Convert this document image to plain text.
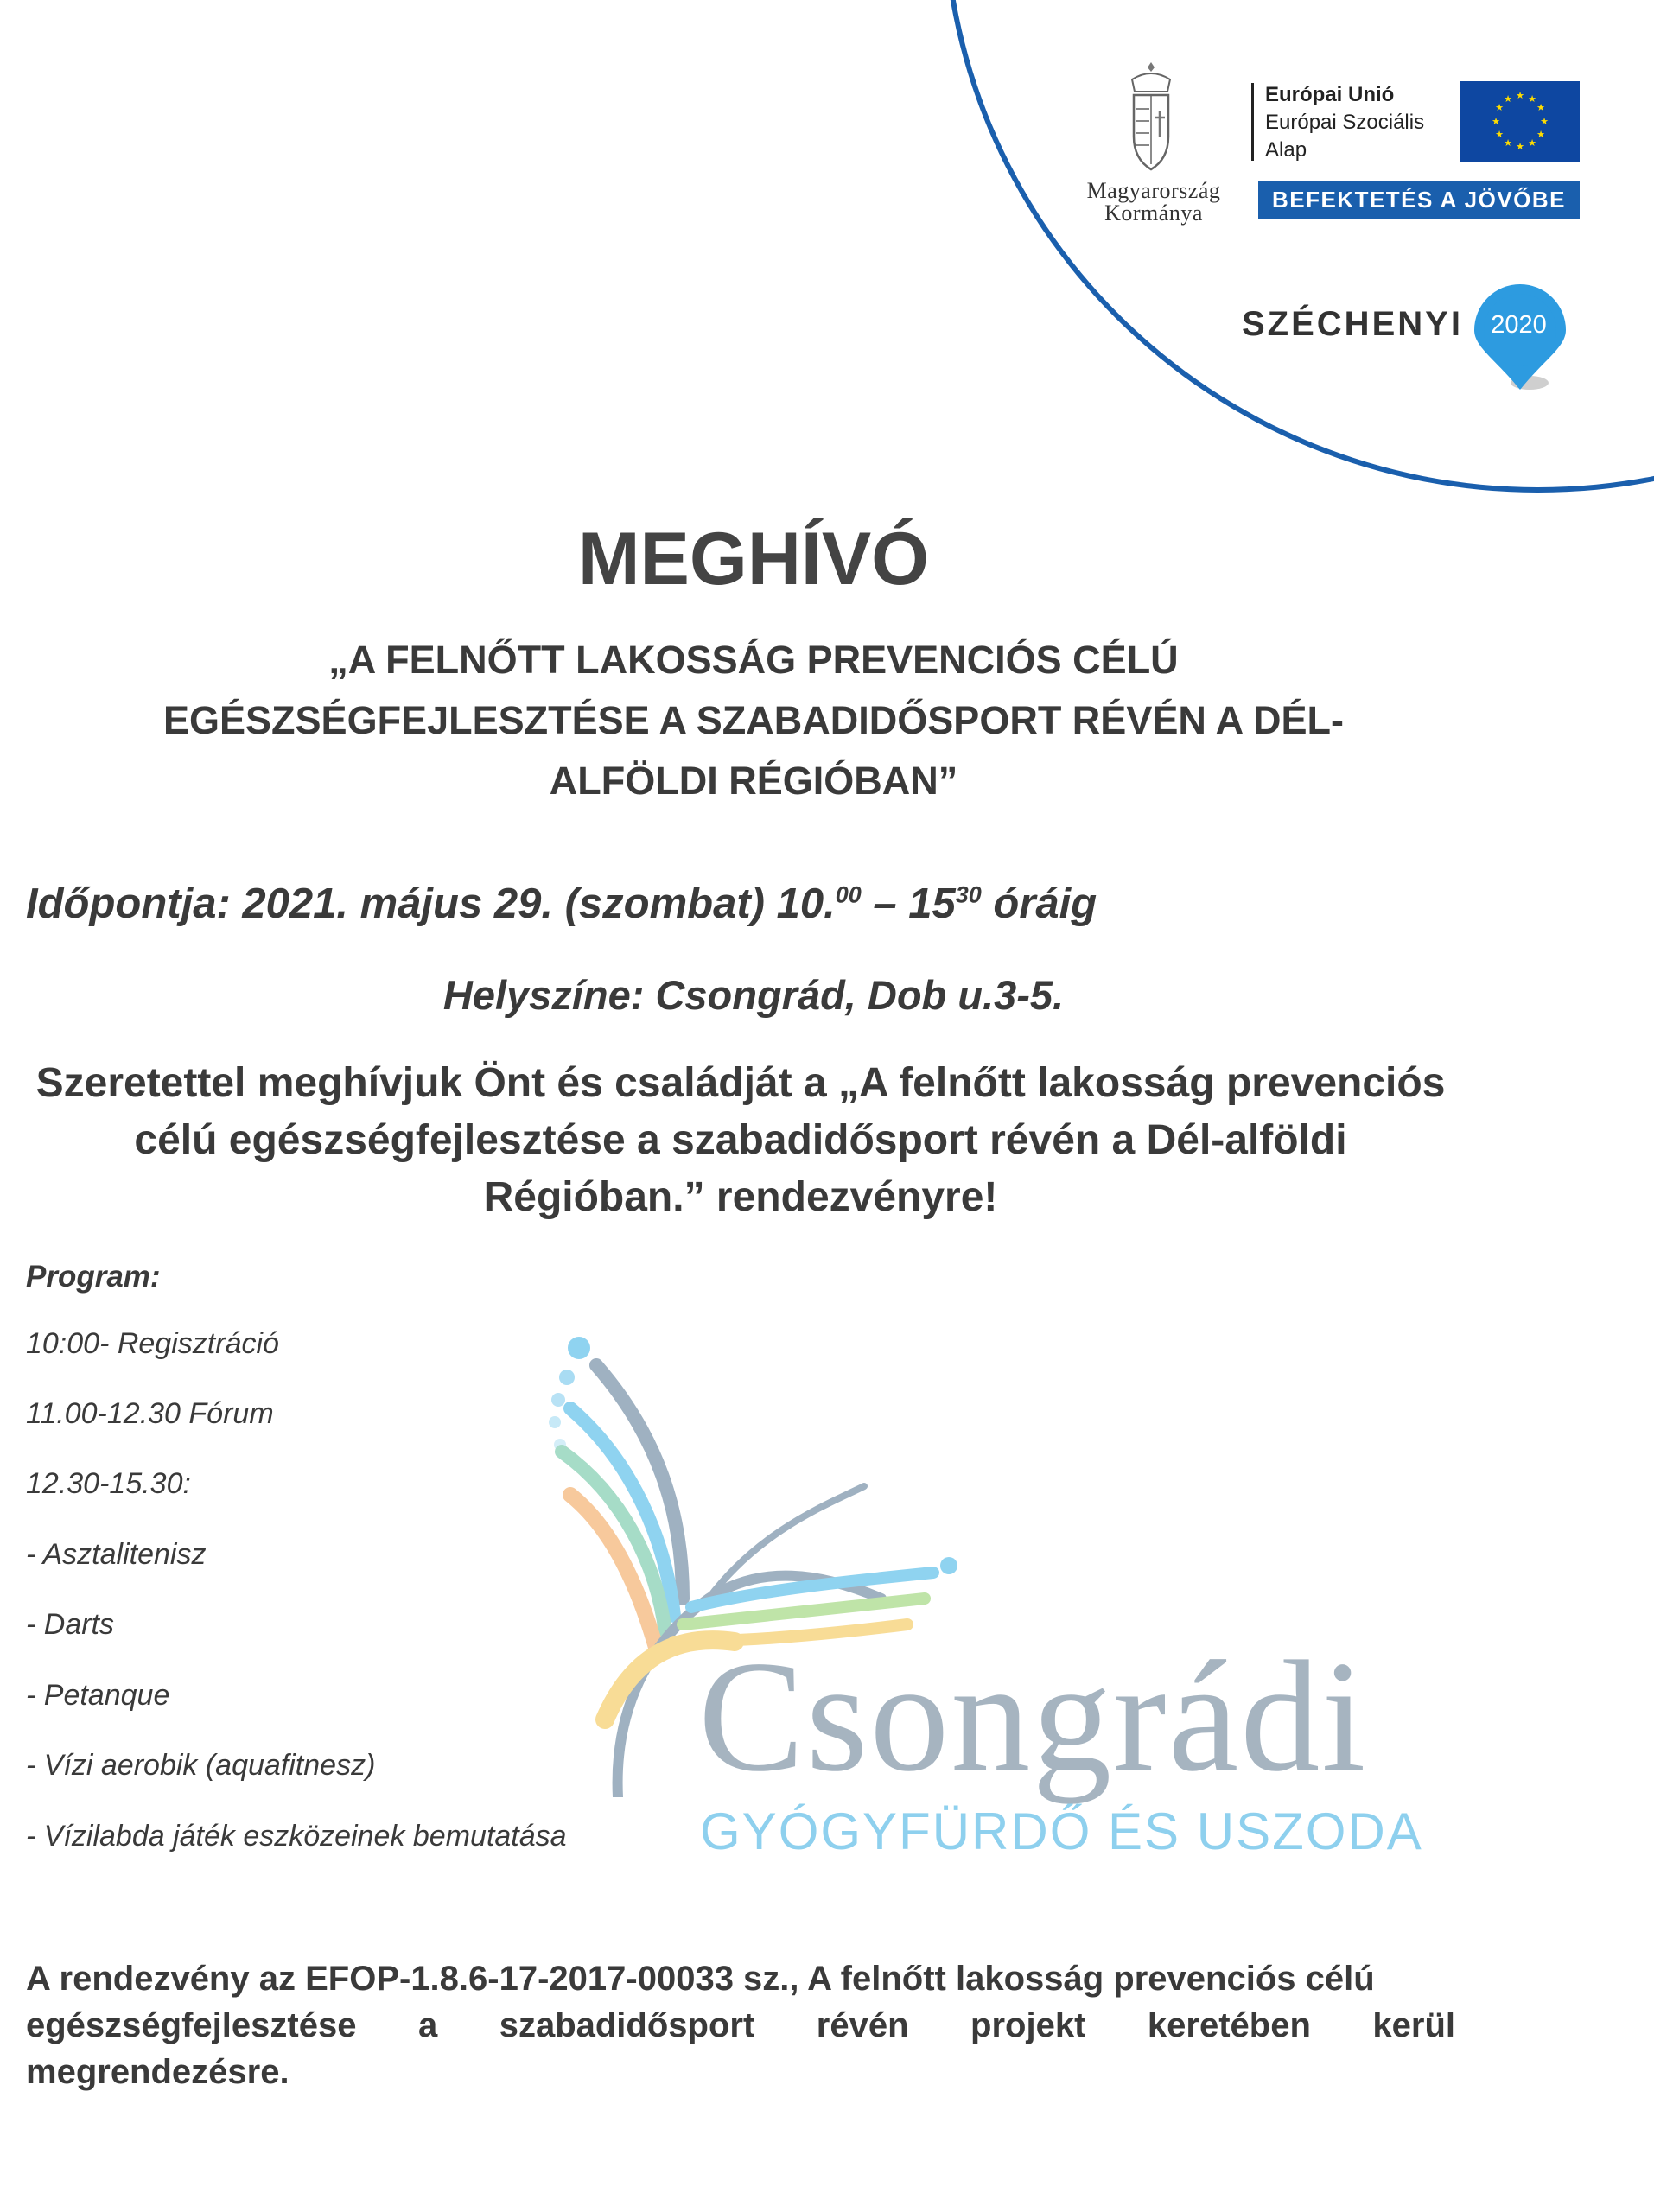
Magyarország
Kormánya
Európai Unió
Európai Szociális
Alap
★ ★
★
★
★
★
★
★
★
★
★
★
BEFEKTETÉS A JÖVŐBE
SZÉCHENYI	2020
MEGHÍVÓ
„A FELNŐTT LAKOSSÁG PREVENCIÓS CÉLÚ
EGÉSZSÉGFEJLESZTÉSE A SZABADIDŐSPORT RÉVÉN A DÉL-
ALFÖLDI RÉGIÓBAN”
Időpontja: 2021. május 29. (szombat) $10.00 - 15^{30}$ óráig
Helyszíne: Csongrád, Dob u.3-5.
Szeretettel meghívjuk Önt és családját a „A felnőtt lakosság prevenciós
célú egészségfejlesztése a szabadidősport révén a Dél-alföldi
Régióban.” rendezvényre!
Program:
10:00- Regisztráció
11.00-12.30 Fórum
12.30-15.30:
- Asztalitenisz
- Darts
- Petanque
- Vízi aerobik (aquafitnesz)
- Vízilabda játék eszközeinek bemutatása
Csongrádi
GYÓGYFÜRDŐ ÉS USZODA
A rendezvény az EFOP-1.8.6-17-2017-00033 sz., A felnőtt lakosság prevenciós célú
egészségfejlesztése a szabadidősport révén projekt keretében kerül
megrendezésre.
